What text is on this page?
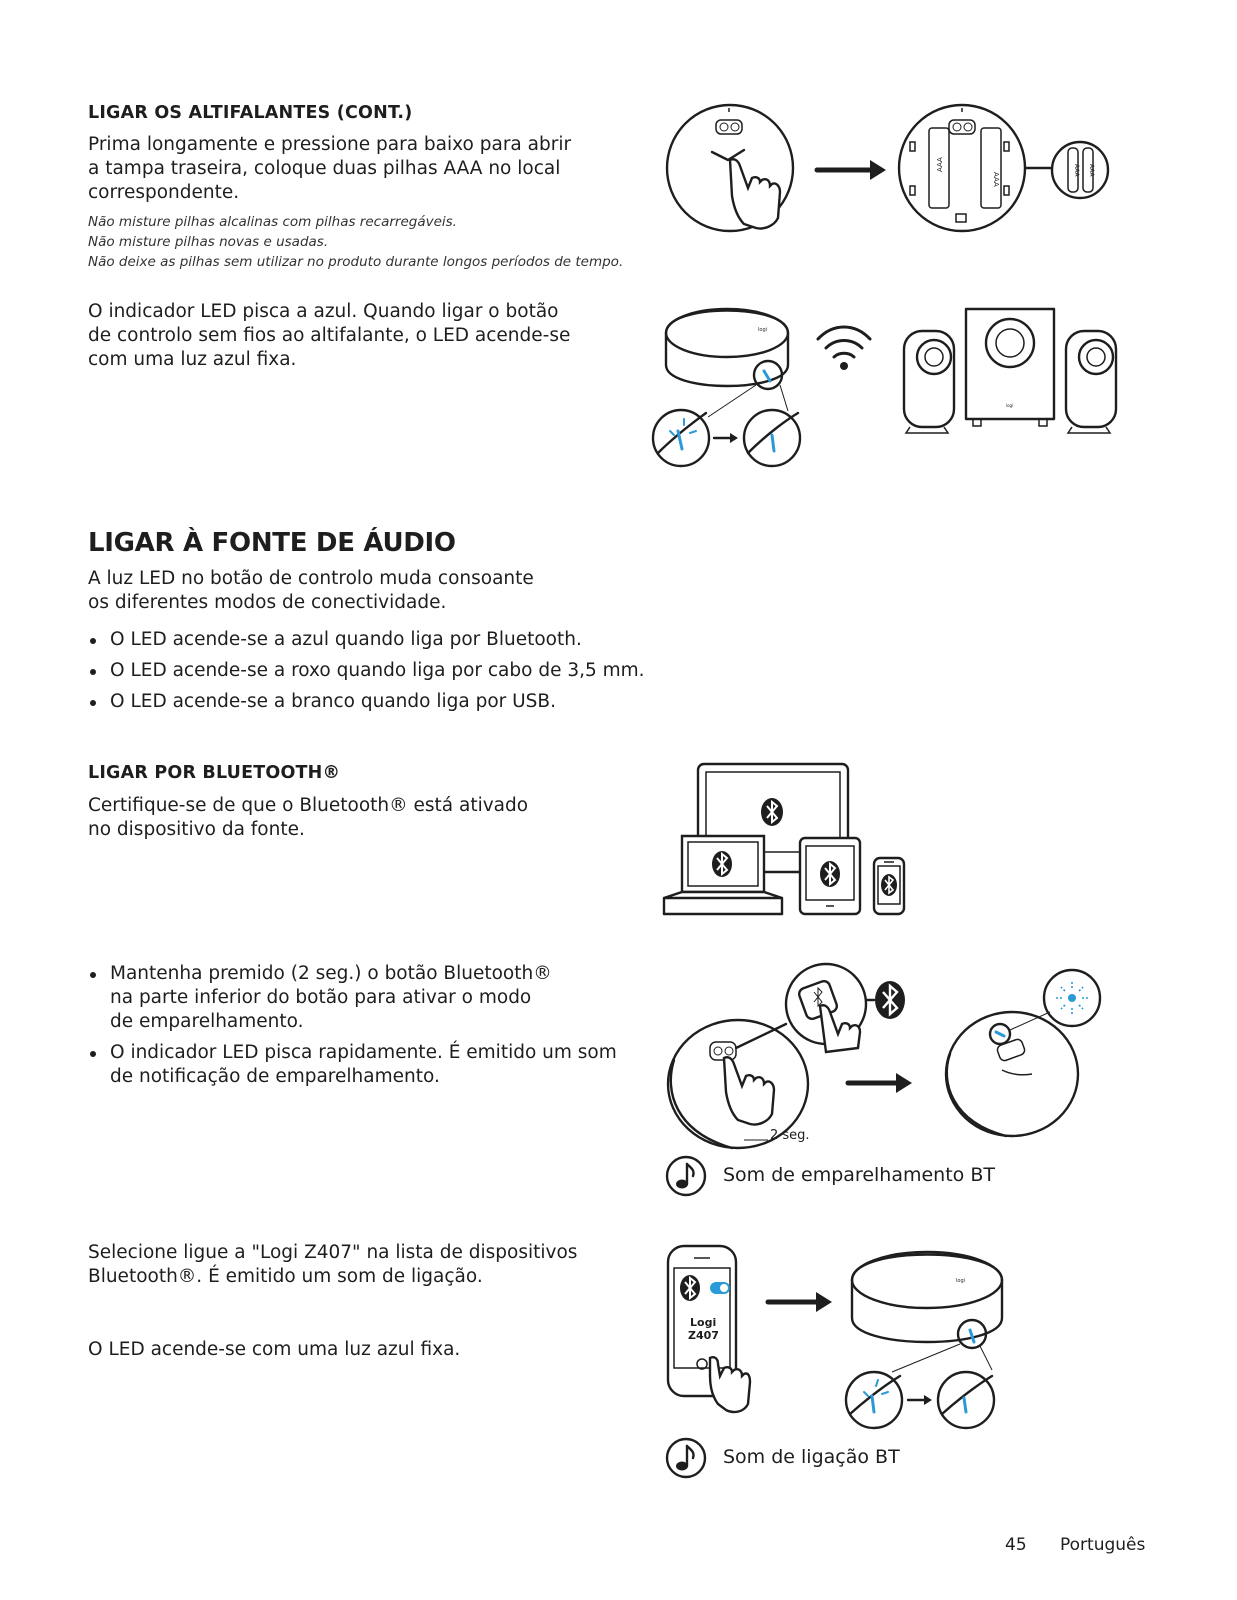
LIGAR OS ALTIFALANTES (CONT.)
Prima longamente e pressione para baixo para abrir
a tampa traseira, coloque duas pilhas AAA no local
correspondente.
Não misture pilhas alcalinas com pilhas recarregáveis.
Não misture pilhas novas e usadas.
Não deixe as pilhas sem utilizar no produto durante longos períodos de tempo.
O indicador LED pisca a azul. Quando ligar o botão
de controlo sem fios ao altifalante, o LED acende-se
com uma luz azul fixa.
AAA
AAA
AAA AAA
logi
logi
LIGAR À FONTE DE ÁUDIO
A luz LED no botão de controlo muda consoante
os diferentes modos de conectividade.
O LED acende-se a azul quando liga por Bluetooth.
O LED acende-se a roxo quando liga por cabo de 3,5 mm.
O LED acende-se a branco quando liga por USB.
LIGAR POR BLUETOOTH®
Certifique-se de que o Bluetooth® está ativado
no dispositivo da fonte.
Mantenha premido (2 seg.) o botão Bluetooth®
na parte inferior do botão para ativar o modo
de emparelhamento.
O indicador LED pisca rapidamente. É emitido um som
de notificação de emparelhamento.
2 seg.
Som de emparelhamento BT
Selecione ligue a "Logi Z407" na lista de dispositivos
Bluetooth®. É emitido um som de ligação.
O LED acende-se com uma luz azul fixa.
Logi
Z407
logi
Som de ligação BT
45 Português
